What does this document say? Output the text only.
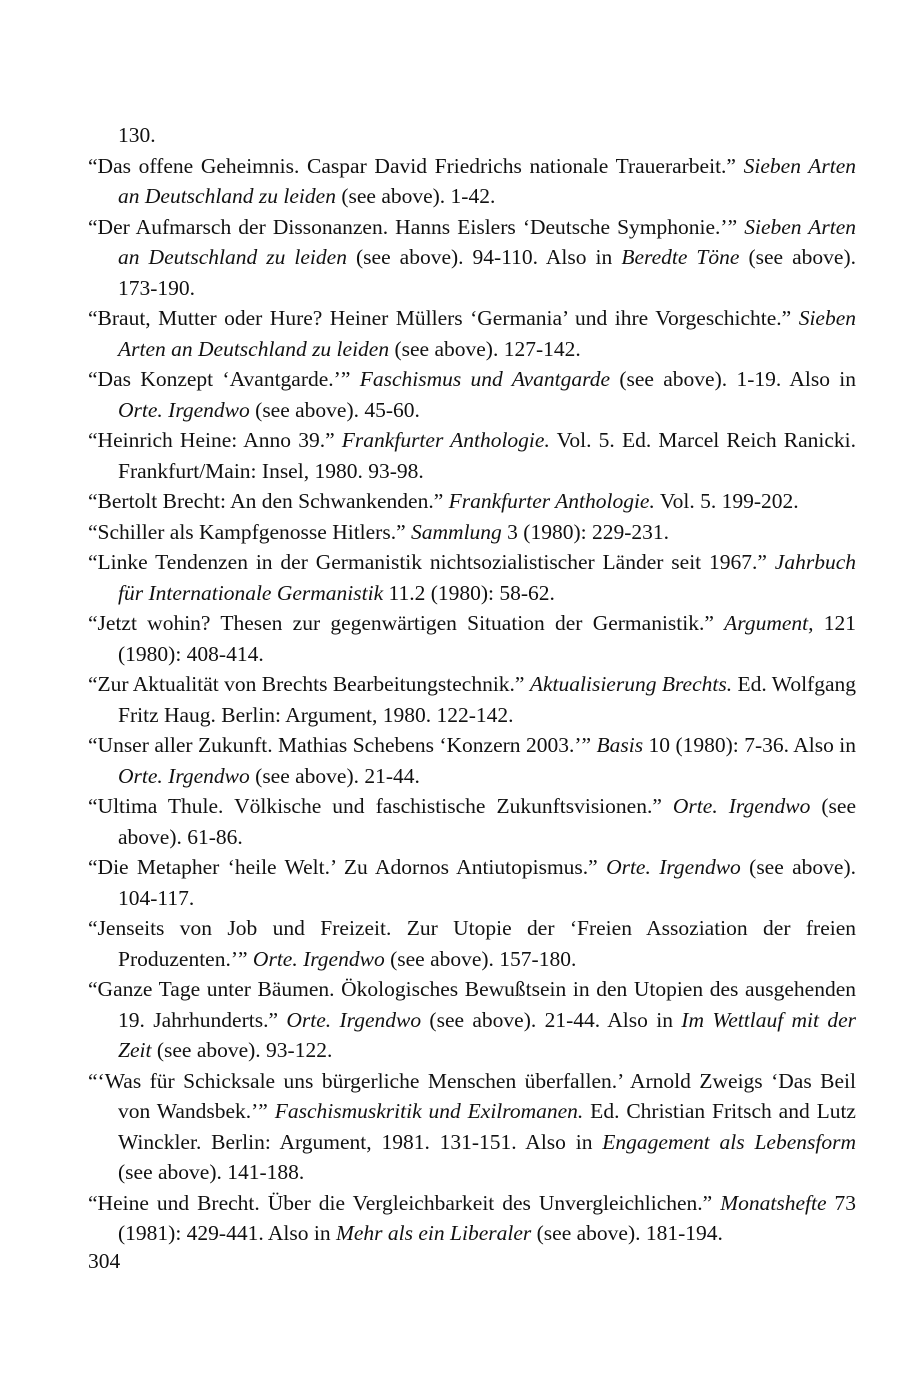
130.
“Das offene Geheimnis. Caspar David Friedrichs nationale Trauerarbeit.” Sieben Arten an Deutschland zu leiden (see above). 1-42.
“Der Aufmarsch der Dissonanzen. Hanns Eislers ‘Deutsche Symphonie.’” Sieben Arten an Deutschland zu leiden (see above). 94-110. Also in Beredte Töne (see above). 173-190.
“Braut, Mutter oder Hure? Heiner Müllers ‘Germania’ und ihre Vorgeschichte.” Sieben Arten an Deutschland zu leiden (see above). 127-142.
“Das Konzept ‘Avantgarde.’” Faschismus und Avantgarde (see above). 1-19. Also in Orte. Irgendwo (see above). 45-60.
“Heinrich Heine: Anno 39.” Frankfurter Anthologie. Vol. 5. Ed. Marcel Reich Ranicki. Frankfurt/Main: Insel, 1980. 93-98.
“Bertolt Brecht: An den Schwankenden.” Frankfurter Anthologie. Vol. 5. 199-202.
“Schiller als Kampfgenosse Hitlers.” Sammlung 3 (1980): 229-231.
“Linke Tendenzen in der Germanistik nichtsozialistischer Länder seit 1967.” Jahrbuch für Internationale Germanistik 11.2 (1980): 58-62.
“Jetzt wohin? Thesen zur gegenwärtigen Situation der Germanistik.” Argument, 121 (1980): 408-414.
“Zur Aktualität von Brechts Bearbeitungstechnik.” Aktualisierung Brechts. Ed. Wolfgang Fritz Haug. Berlin: Argument, 1980. 122-142.
“Unser aller Zukunft. Mathias Schebens ‘Konzern 2003.’” Basis 10 (1980): 7-36. Also in Orte. Irgendwo (see above). 21-44.
“Ultima Thule. Völkische und faschistische Zukunftsvisionen.” Orte. Irgendwo (see above). 61-86.
“Die Metapher ‘heile Welt.’ Zu Adornos Antiutopismus.” Orte. Irgendwo (see above). 104-117.
“Jenseits von Job und Freizeit. Zur Utopie der ‘Freien Assoziation der freien Produzenten.’” Orte. Irgendwo (see above). 157-180.
“Ganze Tage unter Bäumen. Ökologisches Bewußtsein in den Utopien des ausgehenden 19. Jahrhunderts.” Orte. Irgendwo (see above). 21-44. Also in Im Wettlauf mit der Zeit (see above). 93-122.
“‘Was für Schicksale uns bürgerliche Menschen überfallen.’ Arnold Zweigs ‘Das Beil von Wandsbek.’” Faschismuskritik und Exilromanen. Ed. Christian Fritsch and Lutz Winckler. Berlin: Argument, 1981. 131-151. Also in Engagement als Lebensform (see above). 141-188.
“Heine und Brecht. Über die Vergleichbarkeit des Unvergleichlichen.” Monatshefte 73 (1981): 429-441. Also in Mehr als ein Liberaler (see above). 181-194.
304
